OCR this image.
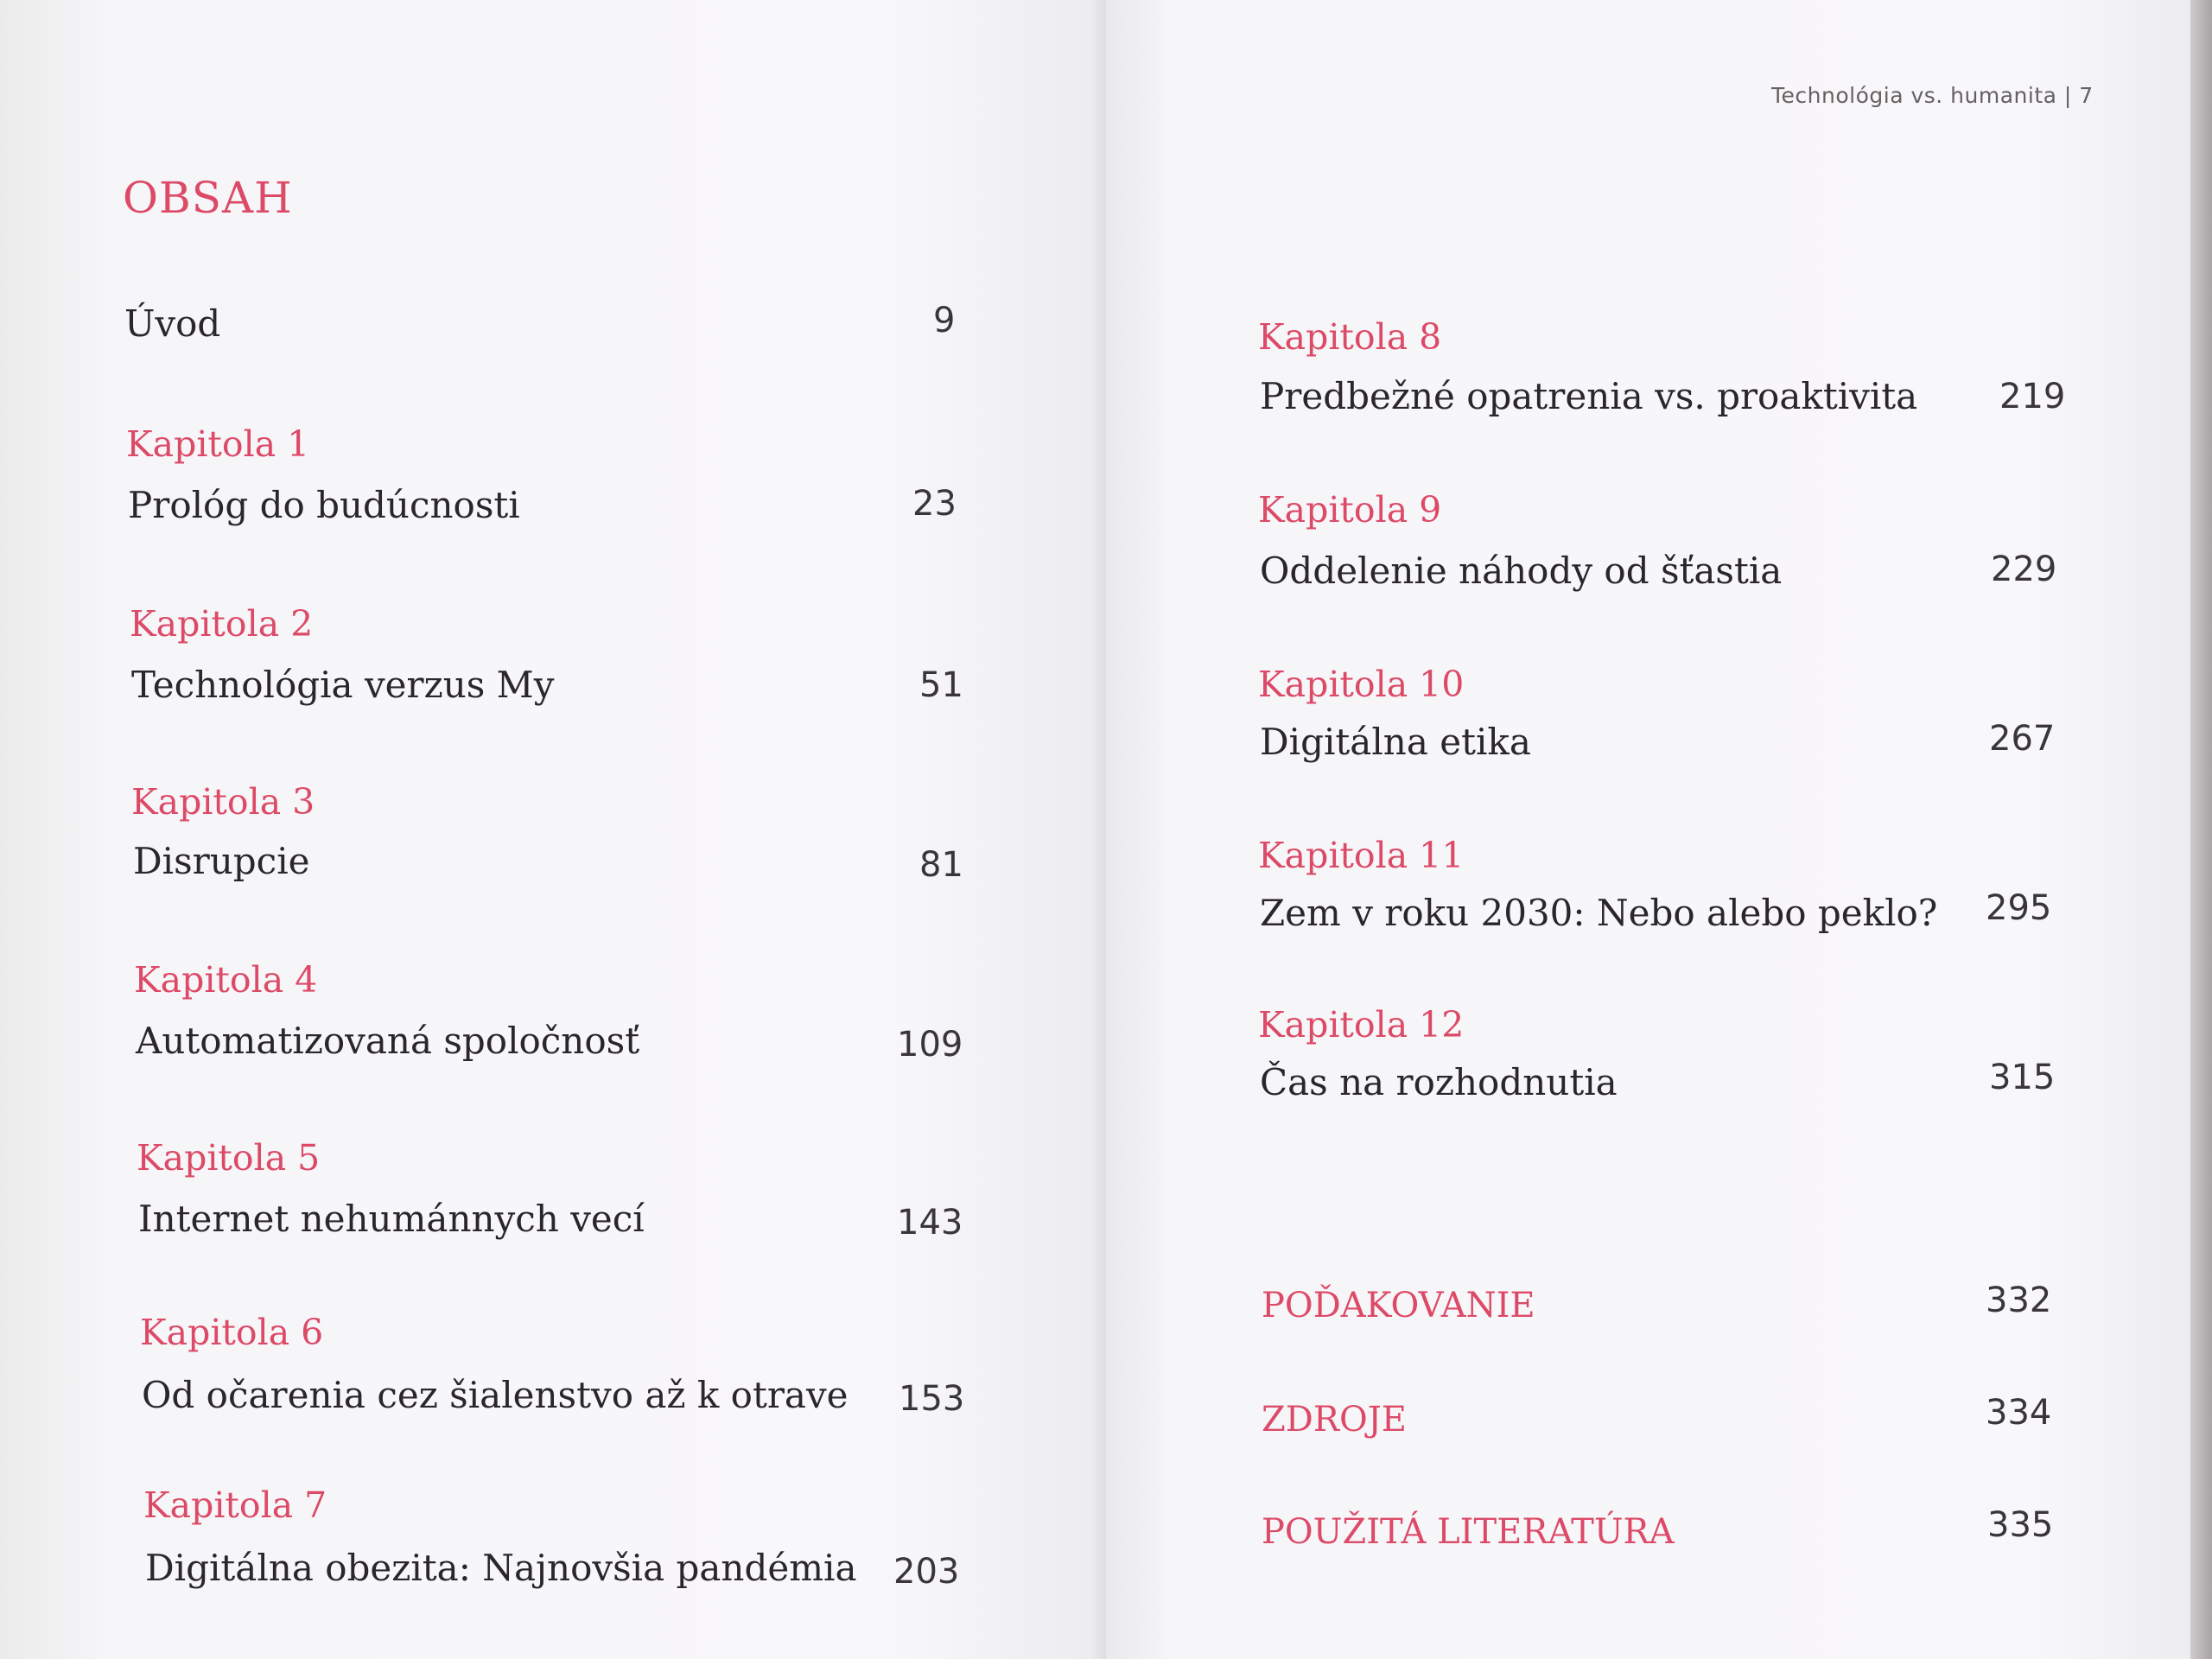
OBSAH
Úvod	9
Kapitola 1
Prológ do budúcnosti	23
Kapitola 2
Technológia verzus My	51
Kapitola 3
Disrupcie	81
Kapitola 4
Automatizovaná spoločnosť	109
Kapitola 5
Internet nehumánnych vecí	143
Kapitola 6
Od očarenia cez šialenstvo až k otrave 153
Kapitola 7
Digitálna obezita: Najnovšia pandémia 203
Technológia vs. humanita | 7
Kapitola 8
Predbežné opatrenia vs. proaktivita 219
Kapitola 9
Oddelenie náhody od šťastia	229
Kapitola 10
Digitálna etika	267
Kapitola 11
Zem v roku 2030: Nebo alebo peklo? 295
Kapitola 12
Čas na rozhodnutia	315
POĎAKOVANIE	332
ZDROJE	334
POUŽITÁ LITERATÚRA	335
